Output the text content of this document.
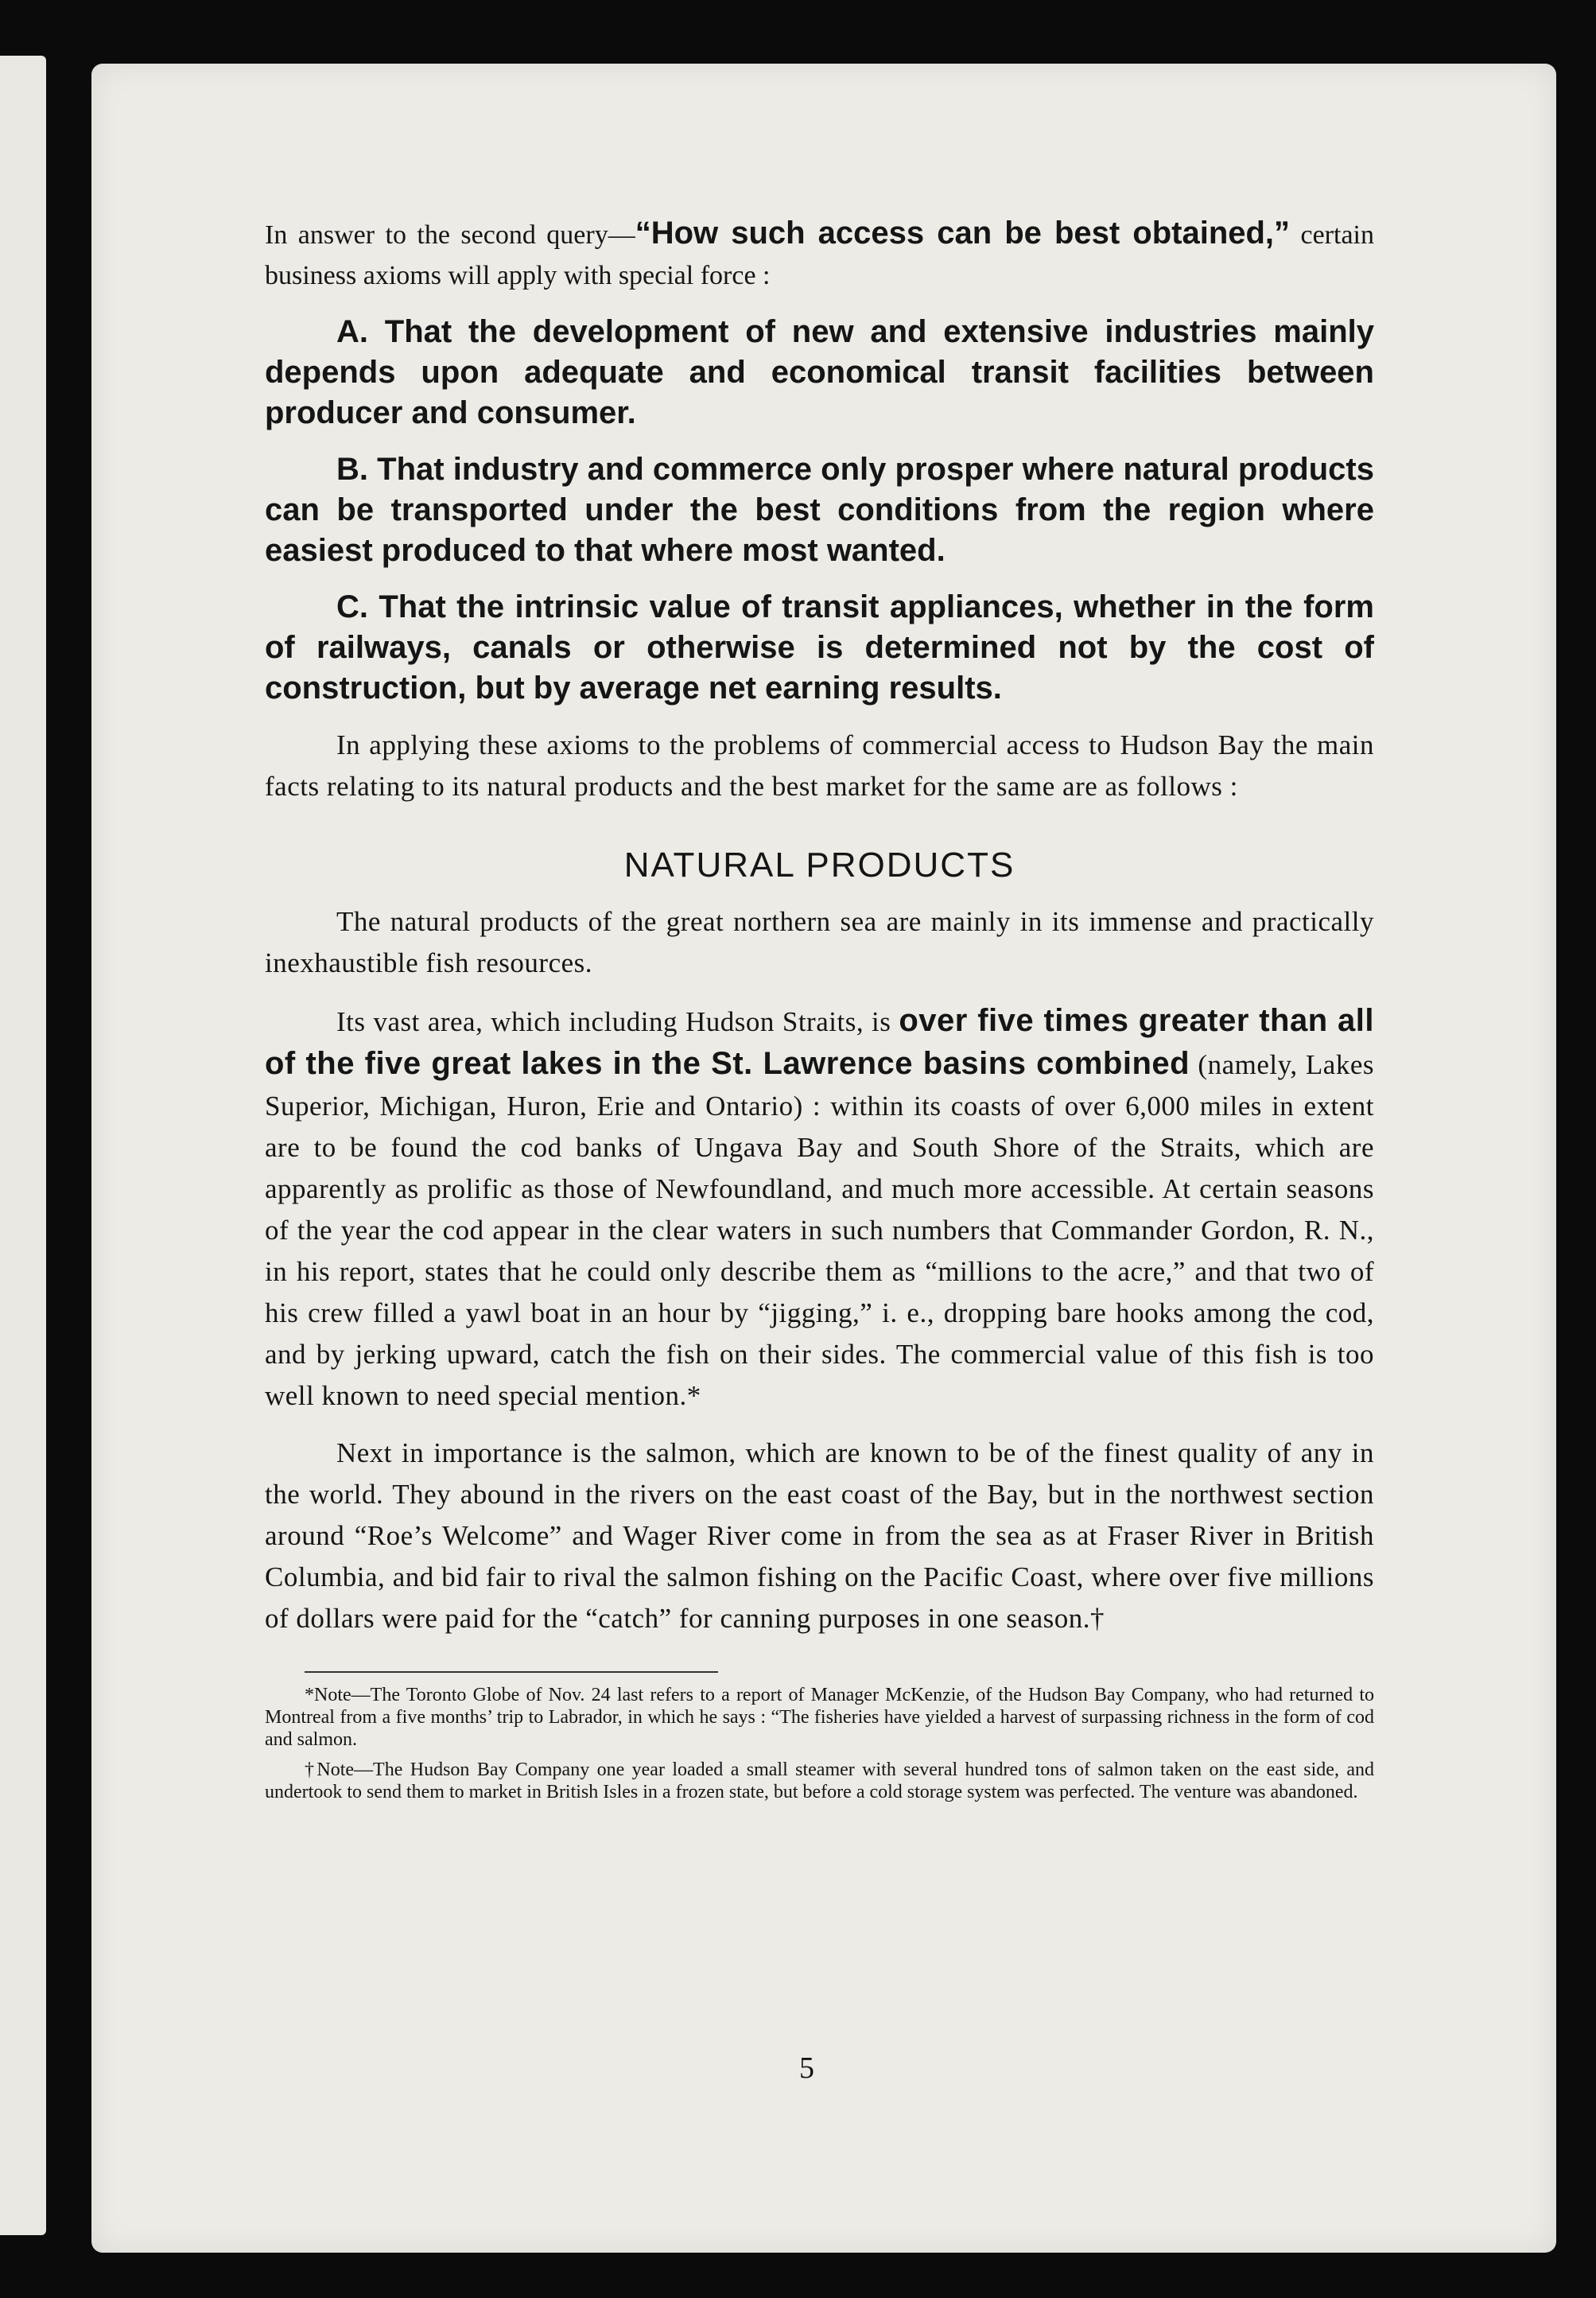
In answer to the second query—“How such access can be best obtained,” certain business axioms will apply with special force :

A. That the development of new and extensive industries mainly depends upon adequate and economical transit facilities between producer and consumer.

B. That industry and commerce only prosper where natural products can be transported under the best conditions from the region where easiest produced to that where most wanted.

C. That the intrinsic value of transit appliances, whether in the form of railways, canals or otherwise is determined not by the cost of construction, but by average net earning results.

In applying these axioms to the problems of commercial access to Hudson Bay the main facts relating to its natural products and the best market for the same are as follows :

NATURAL PRODUCTS

The natural products of the great northern sea are mainly in its immense and practically inexhaustible fish resources.

Its vast area, which including Hudson Straits, is over five times greater than all of the five great lakes in the St. Lawrence basins combined (namely, Lakes Superior, Michigan, Huron, Erie and Ontario) : within its coasts of over 6,000 miles in extent are to be found the cod banks of Ungava Bay and South Shore of the Straits, which are apparently as prolific as those of Newfoundland, and much more accessible. At certain seasons of the year the cod appear in the clear waters in such numbers that Commander Gordon, R. N., in his report, states that he could only describe them as “millions to the acre,” and that two of his crew filled a yawl boat in an hour by “jigging,” i. e., dropping bare hooks among the cod, and by jerking upward, catch the fish on their sides. The commercial value of this fish is too well known to need special mention.*

Next in importance is the salmon, which are known to be of the finest quality of any in the world. They abound in the rivers on the east coast of the Bay, but in the northwest section around “Roe’s Welcome” and Wager River come in from the sea as at Fraser River in British Columbia, and bid fair to rival the salmon fishing on the Pacific Coast, where over five millions of dollars were paid for the “catch” for canning purposes in one season.†

*Note—The Toronto Globe of Nov. 24 last refers to a report of Manager McKenzie, of the Hudson Bay Company, who had returned to Montreal from a five months’ trip to Labrador, in which he says : “The fisheries have yielded a harvest of surpassing richness in the form of cod and salmon.

†Note—The Hudson Bay Company one year loaded a small steamer with several hundred tons of salmon taken on the east side, and undertook to send them to market in British Isles in a frozen state, but before a cold storage system was perfected. The venture was abandoned.

5
